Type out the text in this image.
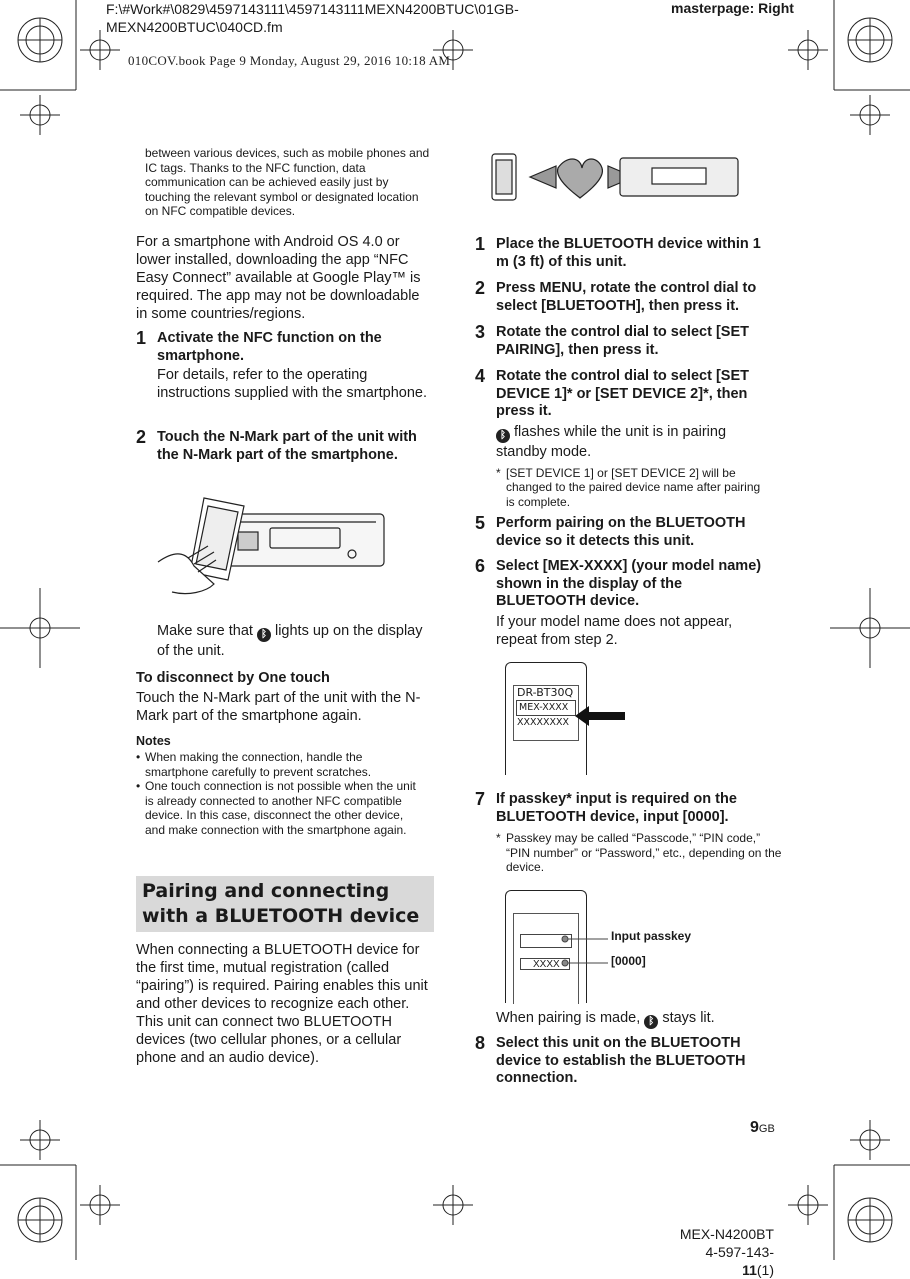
F:\#Work#\0829\4597143111\4597143111MEXN4200BTUC\01GB-
MEXN4200BTUC\040CD.fm
masterpage: Right
010COV.book Page 9 Monday, August 29, 2016 10:18 AM
between various devices, such as mobile phones and IC tags. Thanks to the NFC function, data communication can be achieved easily just by touching the relevant symbol or designated location on NFC compatible devices.
For a smartphone with Android OS 4.0 or lower installed, downloading the app “NFC Easy Connect” available at Google Play™ is required. The app may not be downloadable in some countries/regions.
1 Activate the NFC function on the smartphone.
For details, refer to the operating instructions supplied with the smartphone.
2 Touch the N-Mark part of the unit with the N-Mark part of the smartphone.
Make sure that ᛒ lights up on the display of the unit.
To disconnect by One touch
Touch the N-Mark part of the unit with the N-Mark part of the smartphone again.
Notes
• When making the connection, handle the smartphone carefully to prevent scratches.
• One touch connection is not possible when the unit is already connected to another NFC compatible device. In this case, disconnect the other device, and make connection with the smartphone again.
Pairing and connecting with a BLUETOOTH device
When connecting a BLUETOOTH device for the first time, mutual registration (called “pairing”) is required. Pairing enables this unit and other devices to recognize each other. This unit can connect two BLUETOOTH devices (two cellular phones, or a cellular phone and an audio device).
1 Place the BLUETOOTH device within 1 m (3 ft) of this unit.
2 Press MENU, rotate the control dial to select [BLUETOOTH], then press it.
3 Rotate the control dial to select [SET PAIRING], then press it.
4 Rotate the control dial to select [SET DEVICE 1]* or [SET DEVICE 2]*, then press it.
ᛒ flashes while the unit is in pairing standby mode.
* [SET DEVICE 1] or [SET DEVICE 2] will be changed to the paired device name after pairing is complete.
5 Perform pairing on the BLUETOOTH device so it detects this unit.
6 Select [MEX-XXXX] (your model name) shown in the display of the BLUETOOTH device.
If your model name does not appear, repeat from step 2.
DR-BT30Q
MEX-XXXX
XXXXXXXX
7 If passkey* input is required on the BLUETOOTH device, input [0000].
* Passkey may be called “Passcode,” “PIN code,” “PIN number” or “Password,” etc., depending on the device.
XXXX
Input passkey
[0000]
When pairing is made, ᛒ stays lit.
8 Select this unit on the BLUETOOTH device to establish the BLUETOOTH connection.
9GB
MEX-N4200BT
4-597-143-11(1)
